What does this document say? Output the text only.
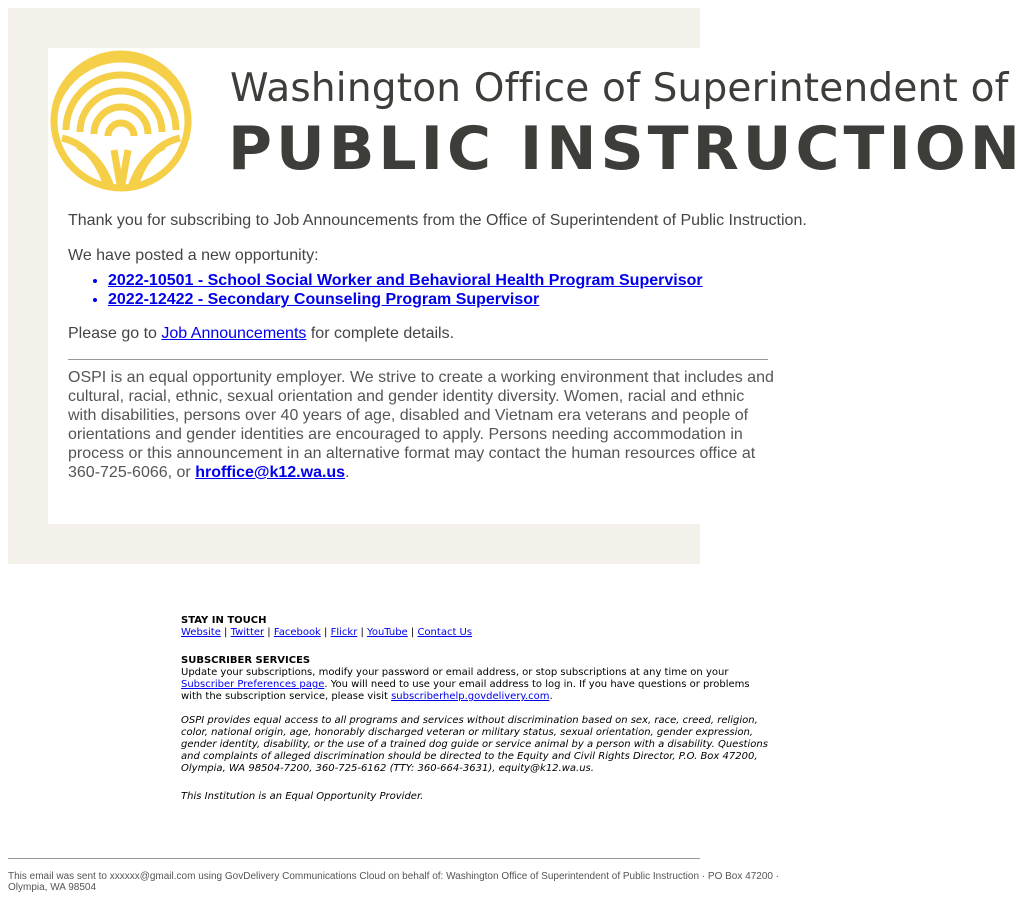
Washington Office of Superintendent of
PUBLIC INSTRUCTION

Thank you for subscribing to Job Announcements from the Office of Superintendent of Public Instruction.

We have posted a new opportunity:

• 2022-10501 - School Social Worker and Behavioral Health Program Supervisor
• 2022-12422 - Secondary Counseling Program Supervisor

Please go to Job Announcements for complete details.

OSPI is an equal opportunity employer. We strive to create a working environment that includes and
cultural, racial, ethnic, sexual orientation and gender identity diversity. Women, racial and ethnic
with disabilities, persons over 40 years of age, disabled and Vietnam era veterans and people of
orientations and gender identities are encouraged to apply. Persons needing accommodation in
process or this announcement in an alternative format may contact the human resources office at
360-725-6066, or hroffice@k12.wa.us.
STAY IN TOUCH
Website | Twitter | Facebook | Flickr | YouTube | Contact Us
SUBSCRIBER SERVICES
Update your subscriptions, modify your password or email address, or stop subscriptions at any time on your
Subscriber Preferences page. You will need to use your email address to log in. If you have questions or problems
with the subscription service, please visit subscriberhelp.govdelivery.com.
OSPI provides equal access to all programs and services without discrimination based on sex, race, creed, religion,
color, national origin, age, honorably discharged veteran or military status, sexual orientation, gender expression,
gender identity, disability, or the use of a trained dog guide or service animal by a person with a disability. Questions
and complaints of alleged discrimination should be directed to the Equity and Civil Rights Director, P.O. Box 47200,
Olympia, WA 98504-7200, 360-725-6162 (TTY: 360-664-3631), equity@k12.wa.us.
This Institution is an Equal Opportunity Provider.
This email was sent to xxxxxx@gmail.com using GovDelivery Communications Cloud on behalf of: Washington Office of Superintendent of Public Instruction · PO Box 47200 ·
Olympia, WA 98504
